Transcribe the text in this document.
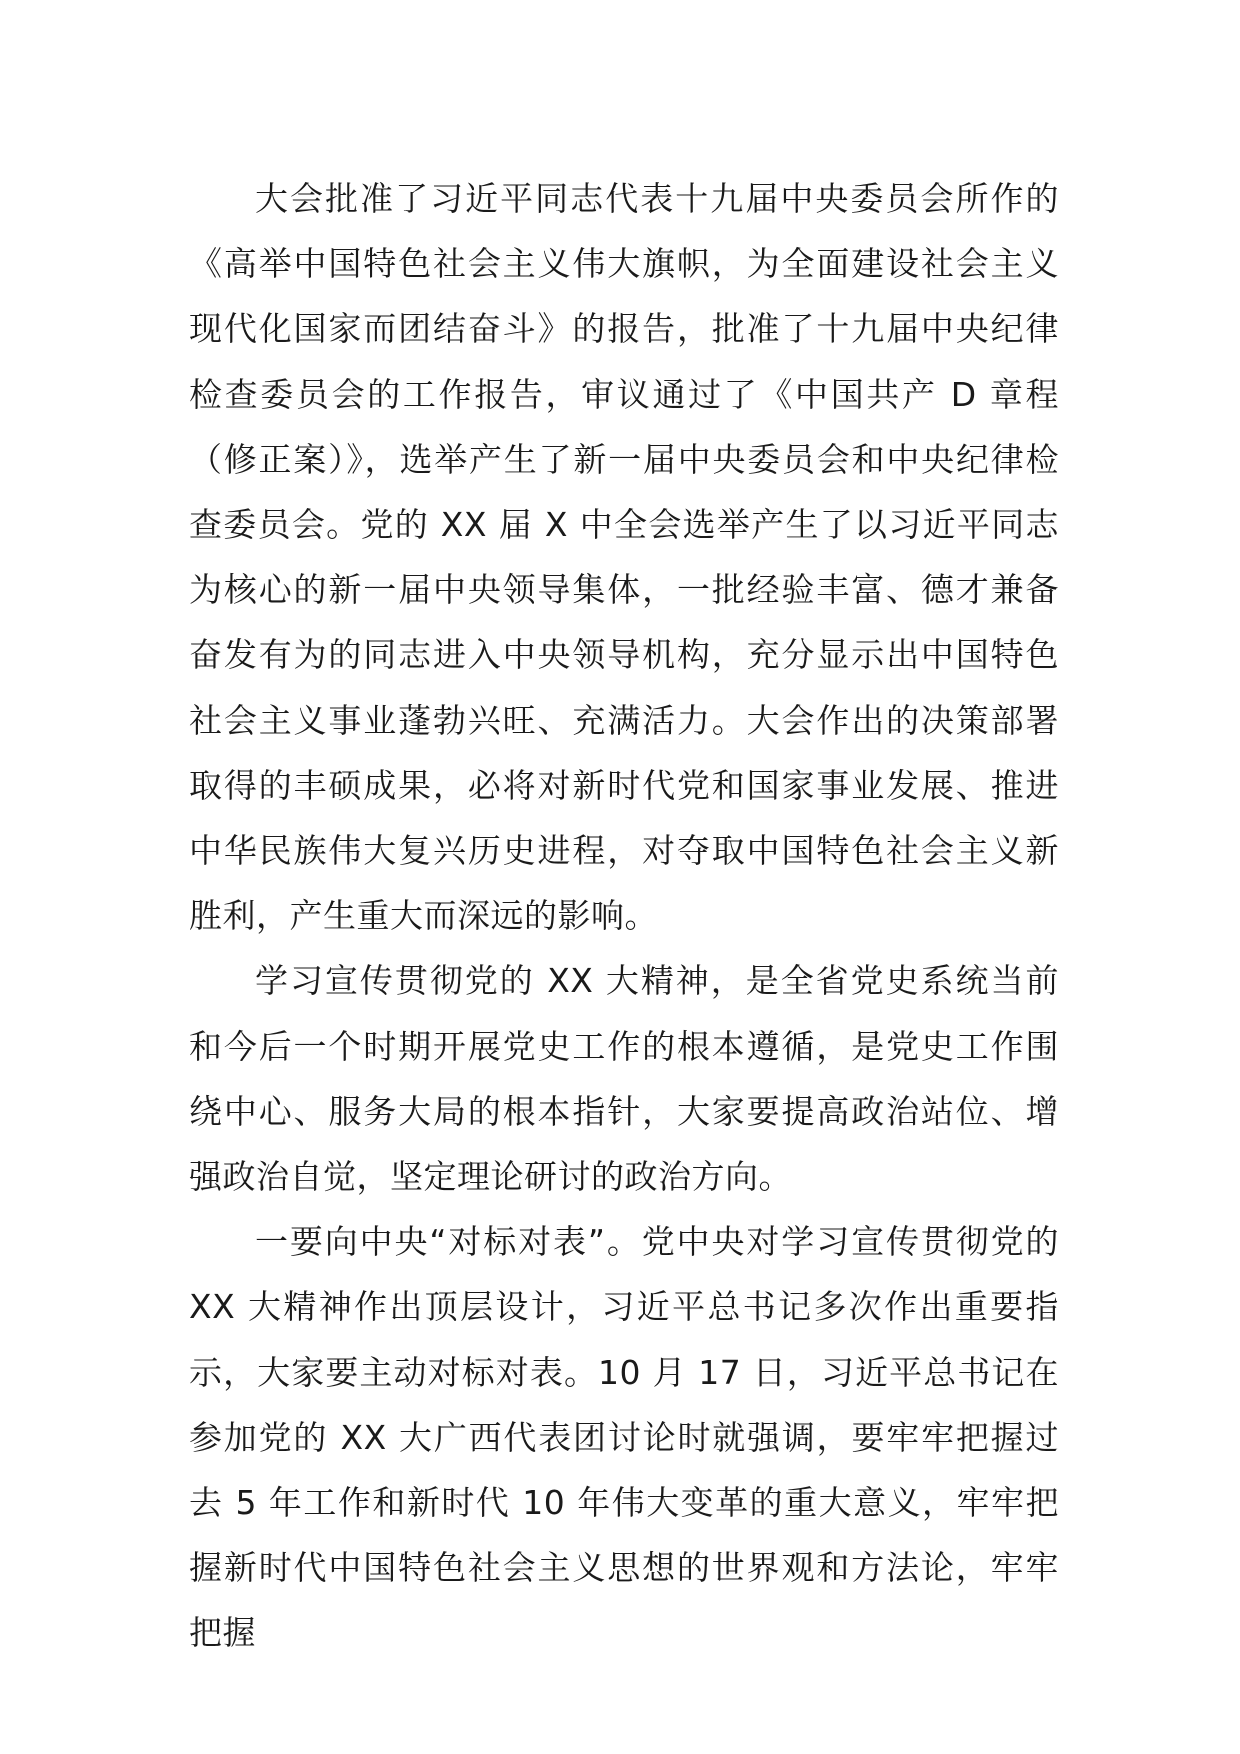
大会批准了习近平同志代表十九届中央委员会所作的《高举中国特色社会主义伟大旗帜，为全面建设社会主义现代化国家而团结奋斗》的报告，批准了十九届中央纪律检查委员会的工作报告，审议通过了《中国共产 D 章程（修正案）》，选举产生了新一届中央委员会和中央纪律检查委员会。党的 XX 届 X 中全会选举产生了以习近平同志为核心的新一届中央领导集体，一批经验丰富、德才兼备奋发有为的同志进入中央领导机构，充分显示出中国特色社会主义事业蓬勃兴旺、充满活力。大会作出的决策部署取得的丰硕成果，必将对新时代党和国家事业发展、推进中华民族伟大复兴历史进程，对夺取中国特色社会主义新胜利，产生重大而深远的影响。

学习宣传贯彻党的 XX 大精神，是全省党史系统当前和今后一个时期开展党史工作的根本遵循，是党史工作围绕中心、服务大局的根本指针，大家要提高政治站位、增强政治自觉，坚定理论研讨的政治方向。

一要向中央“对标对表”。党中央对学习宣传贯彻党的 XX 大精神作出顶层设计，习近平总书记多次作出重要指示，大家要主动对标对表。10 月 17 日，习近平总书记在参加党的 XX 大广西代表团讨论时就强调，要牢牢把握过去 5 年工作和新时代 10 年伟大变革的重大意义，牢牢把握新时代中国特色社会主义思想的世界观和方法论，牢牢把握
